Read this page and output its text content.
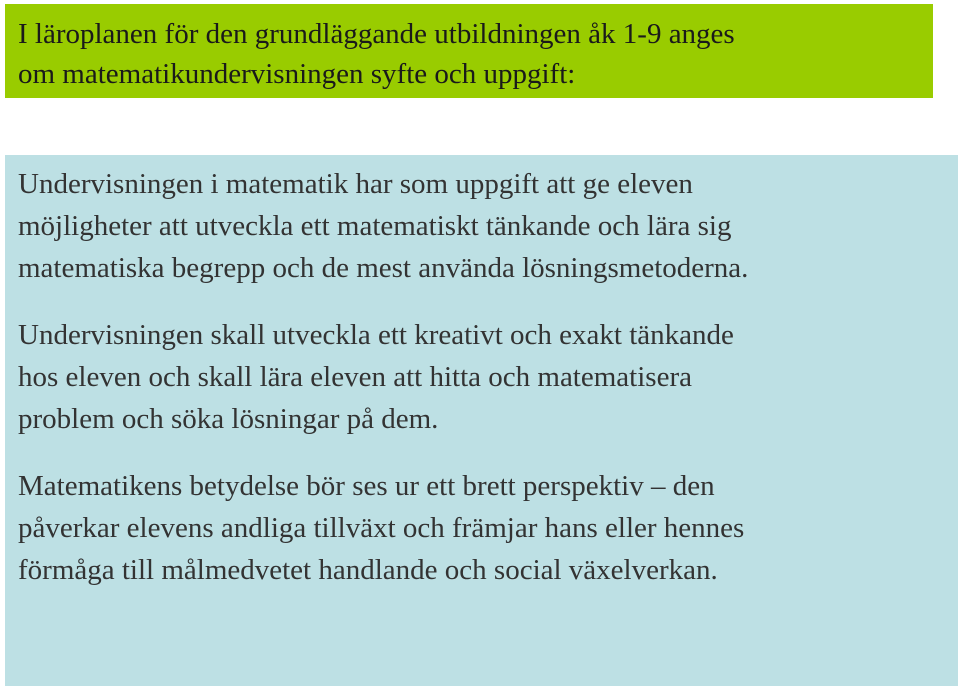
I läroplanen för den grundläggande utbildningen åk 1-9 anges
om matematikundervisningen syfte och uppgift:
Undervisningen i matematik har som uppgift att ge eleven
möjligheter att utveckla ett matematiskt tänkande och lära sig
matematiska begrepp och de mest använda lösningsmetoderna.
Undervisningen skall utveckla ett kreativt och exakt tänkande
hos eleven och skall lära eleven att hitta och matematisera
problem och söka lösningar på dem.
Matematikens betydelse bör ses ur ett brett perspektiv – den
påverkar elevens andliga tillväxt och främjar hans eller hennes
förmåga till målmedvetet handlande och social växelverkan.
